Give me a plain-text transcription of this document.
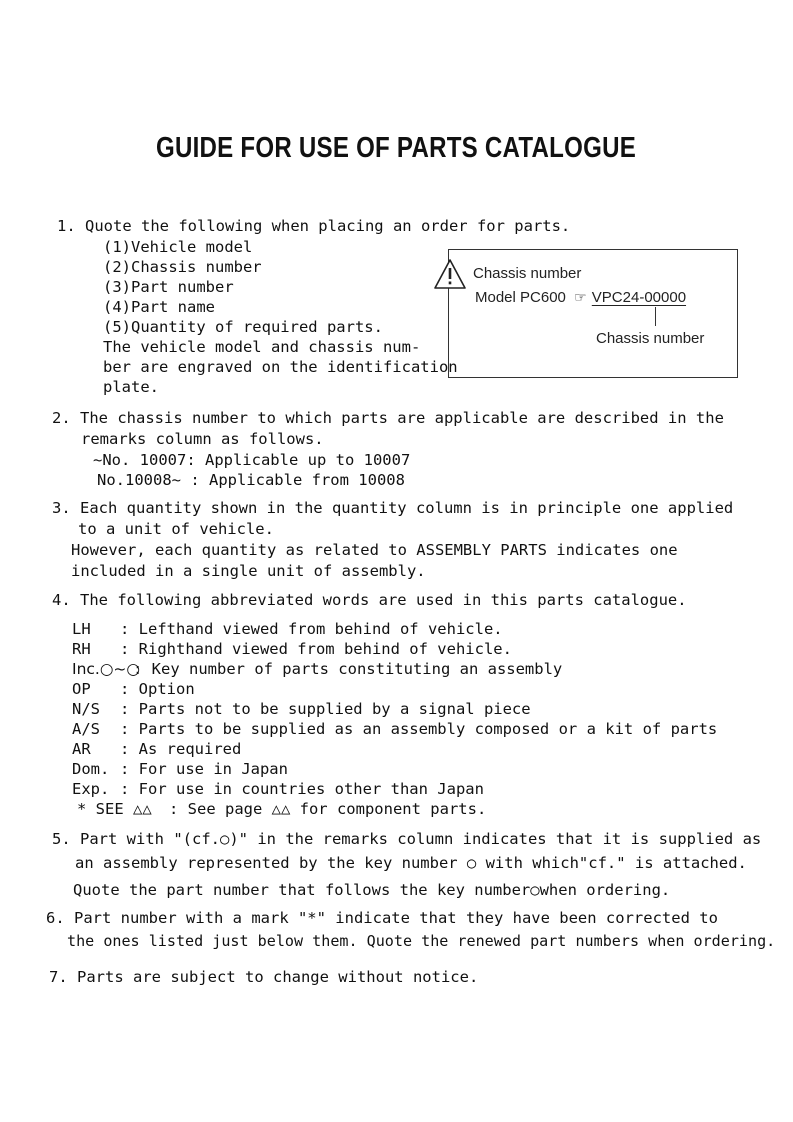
GUIDE FOR USE OF PARTS CATALOGUE
1. Quote the following when placing an order for parts.
(1)Vehicle model
(2)Chassis number
(3)Part number
(4)Part name
(5)Quantity of required parts.
The vehicle model and chassis num-
ber are engraved on the identification
plate.
Chassis number
Model PC600 ☞ VPC24-00000
Chassis number
2. The chassis number to which parts are applicable are described in the
remarks column as follows.
~No. 10007: Applicable up to 10007
No.10008~ : Applicable from 10008
3. Each quantity shown in the quantity column is in principle one applied
to a unit of vehicle.
However, each quantity as related to ASSEMBLY PARTS indicates one
included in a single unit of assembly.
4. The following abbreviated words are used in this parts catalogue.
LH : Lefthand viewed from behind of vehicle.
RH : Righthand viewed from behind of vehicle.
Inc.○~○: Key number of parts constituting an assembly
OP : Option
N/S : Parts not to be supplied by a signal piece
A/S : Parts to be supplied as an assembly composed or a kit of parts
AR : As required
Dom. : For use in Japan
Exp. : For use in countries other than Japan
* SEE △△ : See page △△ for component parts.
5. Part with "(cf.○)" in the remarks column indicates that it is supplied as
an assembly represented by the key number ○ with which"cf." is attached.
Quote the part number that follows the key number○when ordering.
6. Part number with a mark "*" indicate that they have been corrected to
the ones listed just below them. Quote the renewed part numbers when ordering.
7. Parts are subject to change without notice.
